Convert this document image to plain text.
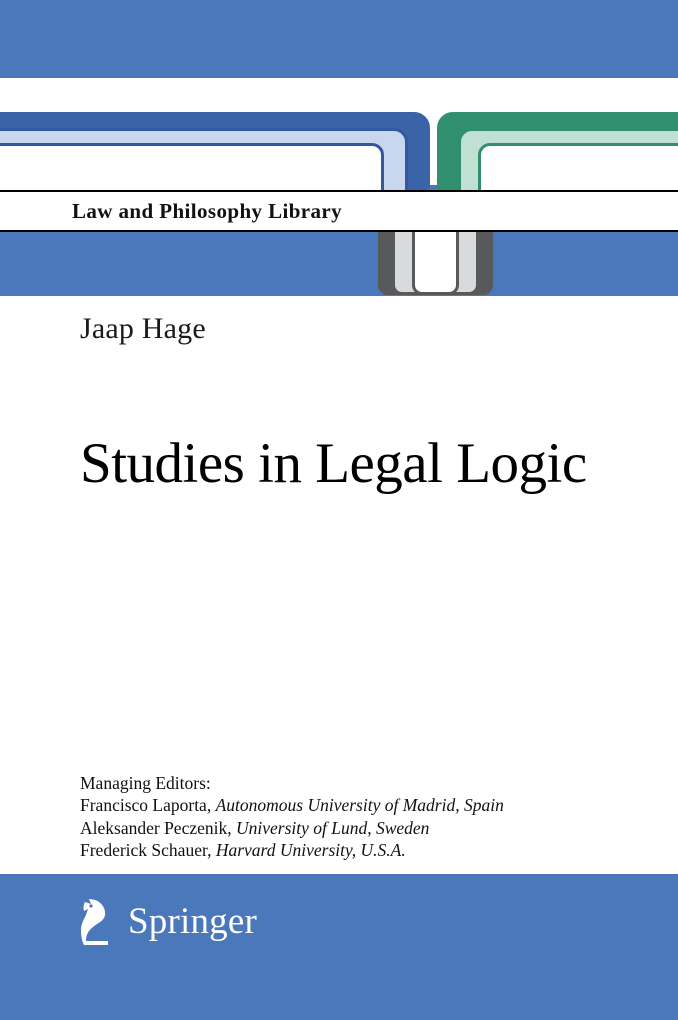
Law and Philosophy Library
Jaap Hage
Studies in Legal Logic
Managing Editors:
Francisco Laporta, Autonomous University of Madrid, Spain
Aleksander Peczenik, University of Lund, Sweden
Frederick Schauer, Harvard University, U.S.A.
Springer
